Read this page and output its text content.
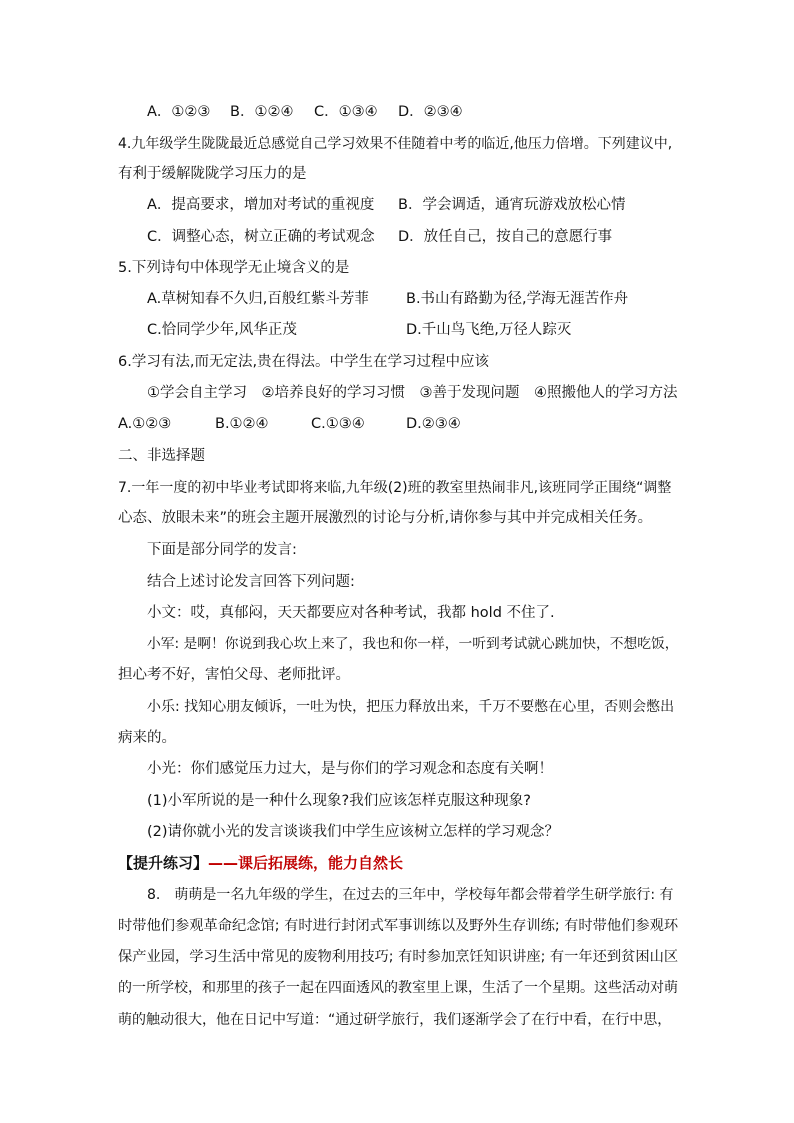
A．①②③ B．①②④ C．①③④ D．②③④
4.九年级学生陇陇最近总感觉自己学习效果不佳随着中考的临近,他压力倍增。下列建议中,
有利于缓解陇陇学习压力的是
A．提高要求，增加对考试的重视度 B．学会调适，通宵玩游戏放松心情
C．调整心态，树立正确的考试观念 D．放任自己，按自己的意愿行事
5.下列诗句中体现学无止境含义的是
A.草树知春不久归,百般红紫斗芳菲	B.书山有路勤为径,学海无涯苦作舟
C.恰同学少年,风华正茂	D.千山鸟飞绝,万径人踪灭
6.学习有法,而无定法,贵在得法。中学生在学习过程中应该
①学会自主学习　②培养良好的学习习惯　③善于发现问题　④照搬他人的学习方法
A.①②③	B.①②④	C.①③④	D.②③④
二、非选择题
7.一年一度的初中毕业考试即将来临,九年级(2)班的教室里热闹非凡,该班同学正围绕“调整
心态、放眼未来”的班会主题开展激烈的讨论与分析,请你参与其中并完成相关任务。
下面是部分同学的发言:
结合上述讨论发言回答下列问题:
小文：哎，真郁闷，天天都要应对各种考试，我都 hold 不住了.
小军: 是啊！你说到我心坎上来了，我也和你一样，一听到考试就心跳加快，不想吃饭，
担心考不好，害怕父母、老师批评。
小乐: 找知心朋友倾诉，一吐为快，把压力释放出来，千万不要憋在心里，否则会憋出
病来的。
小光：你们感觉压力过大，是与你们的学习观念和态度有关啊！
(1)小军所说的是一种什么现象?我们应该怎样克服这种现象?
(2)请你就小光的发言谈谈我们中学生应该树立怎样的学习观念？
【提升练习】——课后拓展练，能力自然长
8.　萌萌是一名九年级的学生，在过去的三年中，学校每年都会带着学生研学旅行: 有
时带他们参观革命纪念馆; 有时进行封闭式军事训练以及野外生存训练; 有时带他们参观环
保产业园，学习生活中常见的废物利用技巧; 有时参加烹饪知识讲座; 有一年还到贫困山区
的一所学校，和那里的孩子一起在四面透风的教室里上课，生活了一个星期。这些活动对萌
萌的触动很大，他在日记中写道：“通过研学旅行，我们逐渐学会了在行中看，在行中思，
